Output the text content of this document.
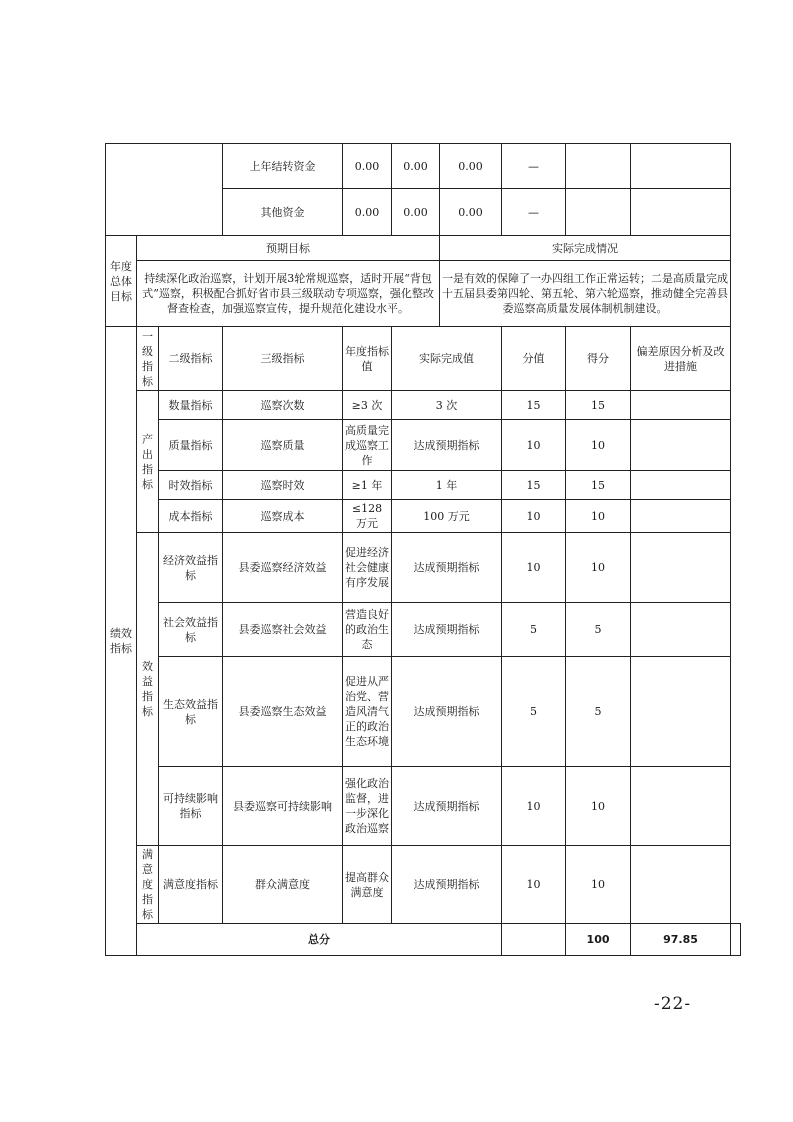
			上年结转资金	0.00	0.00	0.00	—			
			其他资金	0.00	0.00	0.00	—			
年度总体目标	预期目标					实际完成情况				
	持续深化政治巡察，计划开展3轮常规巡察，适时开展“背包式”巡察，积极配合抓好省市县三级联动专项巡察，强化整改督查检查，加强巡察宣传，提升规范化建设水平。					一是有效的保障了一办四组工作正常运转；二是高质量完成十五届县委第四轮、第五轮、第六轮巡察，推动健全完善县委巡察高质量发展体制机制建设。				
绩效指标	一级指标	二级指标	三级指标	年度指标值	实际完成值		分值	得分	偏差原因分析及改进措施	
	产出指标	数量指标	巡察次数	≥3 次	3 次		15	15		
		质量指标	巡察质量	高质量完成巡察工作	达成预期指标		10	10		
		时效指标	巡察时效	≥1 年	1 年		15	15		
		成本指标	巡察成本	≤128 万元	100 万元		10	10		
	效益指标	经济效益指标	县委巡察经济效益	促进经济社会健康有序发展	达成预期指标		10	10		
		社会效益指标	县委巡察社会效益	营造良好的政治生态	达成预期指标		5	5		
		生态效益指标	县委巡察生态效益	促进从严治党、营造风清气正的政治生态环境	达成预期指标		5	5		
		可持续影响指标	县委巡察可持续影响	强化政治监督，进一步深化政治巡察	达成预期指标		10	10		
	满意度指标	满意度指标	群众满意度	提高群众满意度	达成预期指标		10	10		
	总分							100	97.85	
-22-
